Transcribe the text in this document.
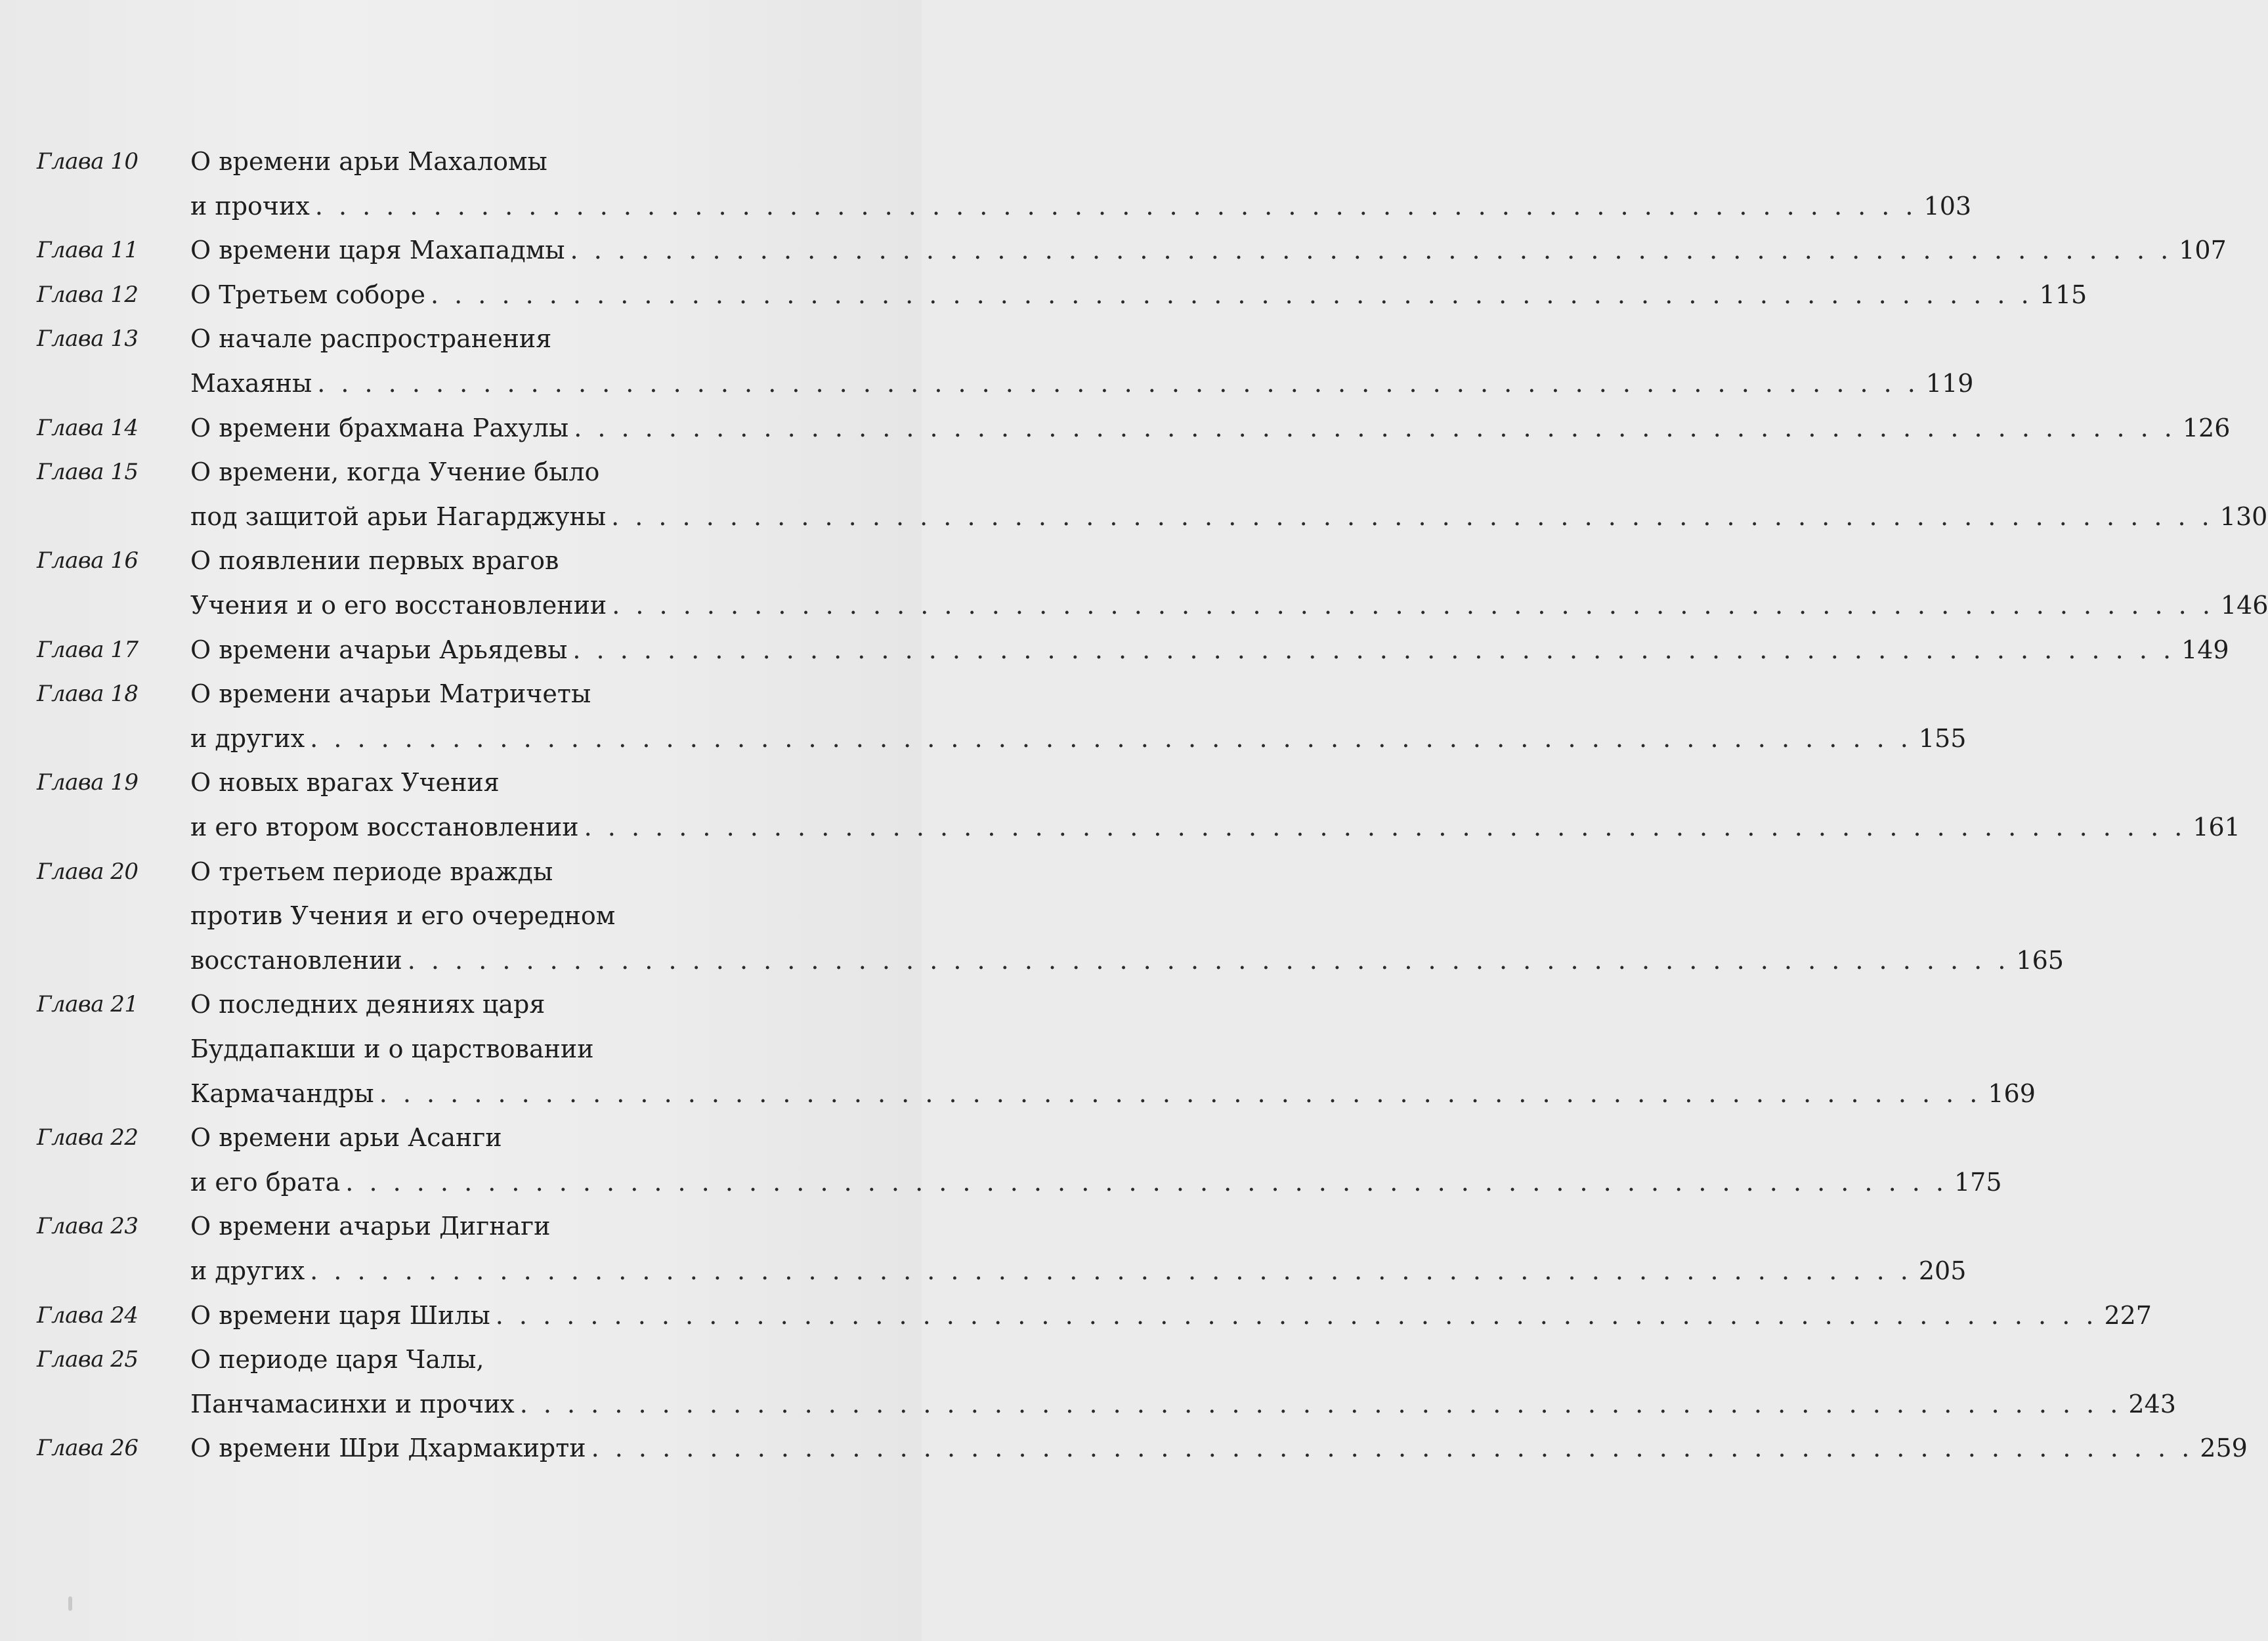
Глава 10 О времени арьи Махаломы
и прочих . . . . . . . . . . . . . . . . . . . . . . . . . . . . . . . . . . . . . . . . . . . . . . . . . . . . . . . . . . . . . . . . . . . . 103
Глава 11 О времени царя Махападмы . . . . . . . . . . . . . . . . . . . . . . . . . . . . . . . . . . . . . . . . . . . . . . . . . . . . . . . . . . . . . . . . . . . . 107
Глава 12 О Третьем соборе . . . . . . . . . . . . . . . . . . . . . . . . . . . . . . . . . . . . . . . . . . . . . . . . . . . . . . . . . . . . . . . . . . . . 115
Глава 13 О начале распространения
Махаяны . . . . . . . . . . . . . . . . . . . . . . . . . . . . . . . . . . . . . . . . . . . . . . . . . . . . . . . . . . . . . . . . . . . . 119
Глава 14 О времени брахмана Рахулы . . . . . . . . . . . . . . . . . . . . . . . . . . . . . . . . . . . . . . . . . . . . . . . . . . . . . . . . . . . . . . . . . . . . 126
Глава 15 О времени, когда Учение было
под защитой арьи Нагарджуны . . . . . . . . . . . . . . . . . . . . . . . . . . . . . . . . . . . . . . . . . . . . . . . . . . . . . . . . . . . . . . . . . . . . 130
Глава 16 О появлении первых врагов
Учения и о его восстановлении . . . . . . . . . . . . . . . . . . . . . . . . . . . . . . . . . . . . . . . . . . . . . . . . . . . . . . . . . . . . . . . . . . . . 146
Глава 17 О времени ачарьи Арьядевы . . . . . . . . . . . . . . . . . . . . . . . . . . . . . . . . . . . . . . . . . . . . . . . . . . . . . . . . . . . . . . . . . . . . 149
Глава 18 О времени ачарьи Матричеты
и других . . . . . . . . . . . . . . . . . . . . . . . . . . . . . . . . . . . . . . . . . . . . . . . . . . . . . . . . . . . . . . . . . . . . 155
Глава 19 О новых врагах Учения
и его втором восстановлении . . . . . . . . . . . . . . . . . . . . . . . . . . . . . . . . . . . . . . . . . . . . . . . . . . . . . . . . . . . . . . . . . . . . 161
Глава 20 О третьем периоде вражды
против Учения и его очередном
восстановлении . . . . . . . . . . . . . . . . . . . . . . . . . . . . . . . . . . . . . . . . . . . . . . . . . . . . . . . . . . . . . . . . . . . . 165
Глава 21 О последних деяниях царя
Буддапакши и о царствовании
Кармачандры . . . . . . . . . . . . . . . . . . . . . . . . . . . . . . . . . . . . . . . . . . . . . . . . . . . . . . . . . . . . . . . . . . . . 169
Глава 22 О времени арьи Асанги
и его брата . . . . . . . . . . . . . . . . . . . . . . . . . . . . . . . . . . . . . . . . . . . . . . . . . . . . . . . . . . . . . . . . . . . . 175
Глава 23 О времени ачарьи Дигнаги
и других . . . . . . . . . . . . . . . . . . . . . . . . . . . . . . . . . . . . . . . . . . . . . . . . . . . . . . . . . . . . . . . . . . . . 205
Глава 24 О времени царя Шилы . . . . . . . . . . . . . . . . . . . . . . . . . . . . . . . . . . . . . . . . . . . . . . . . . . . . . . . . . . . . . . . . . . . . 227
Глава 25 О периоде царя Чалы,
Панчамасинхи и прочих . . . . . . . . . . . . . . . . . . . . . . . . . . . . . . . . . . . . . . . . . . . . . . . . . . . . . . . . . . . . . . . . . . . . 243
Глава 26 О времени Шри Дхармакирти . . . . . . . . . . . . . . . . . . . . . . . . . . . . . . . . . . . . . . . . . . . . . . . . . . . . . . . . . . . . . . . . . . . . 259
